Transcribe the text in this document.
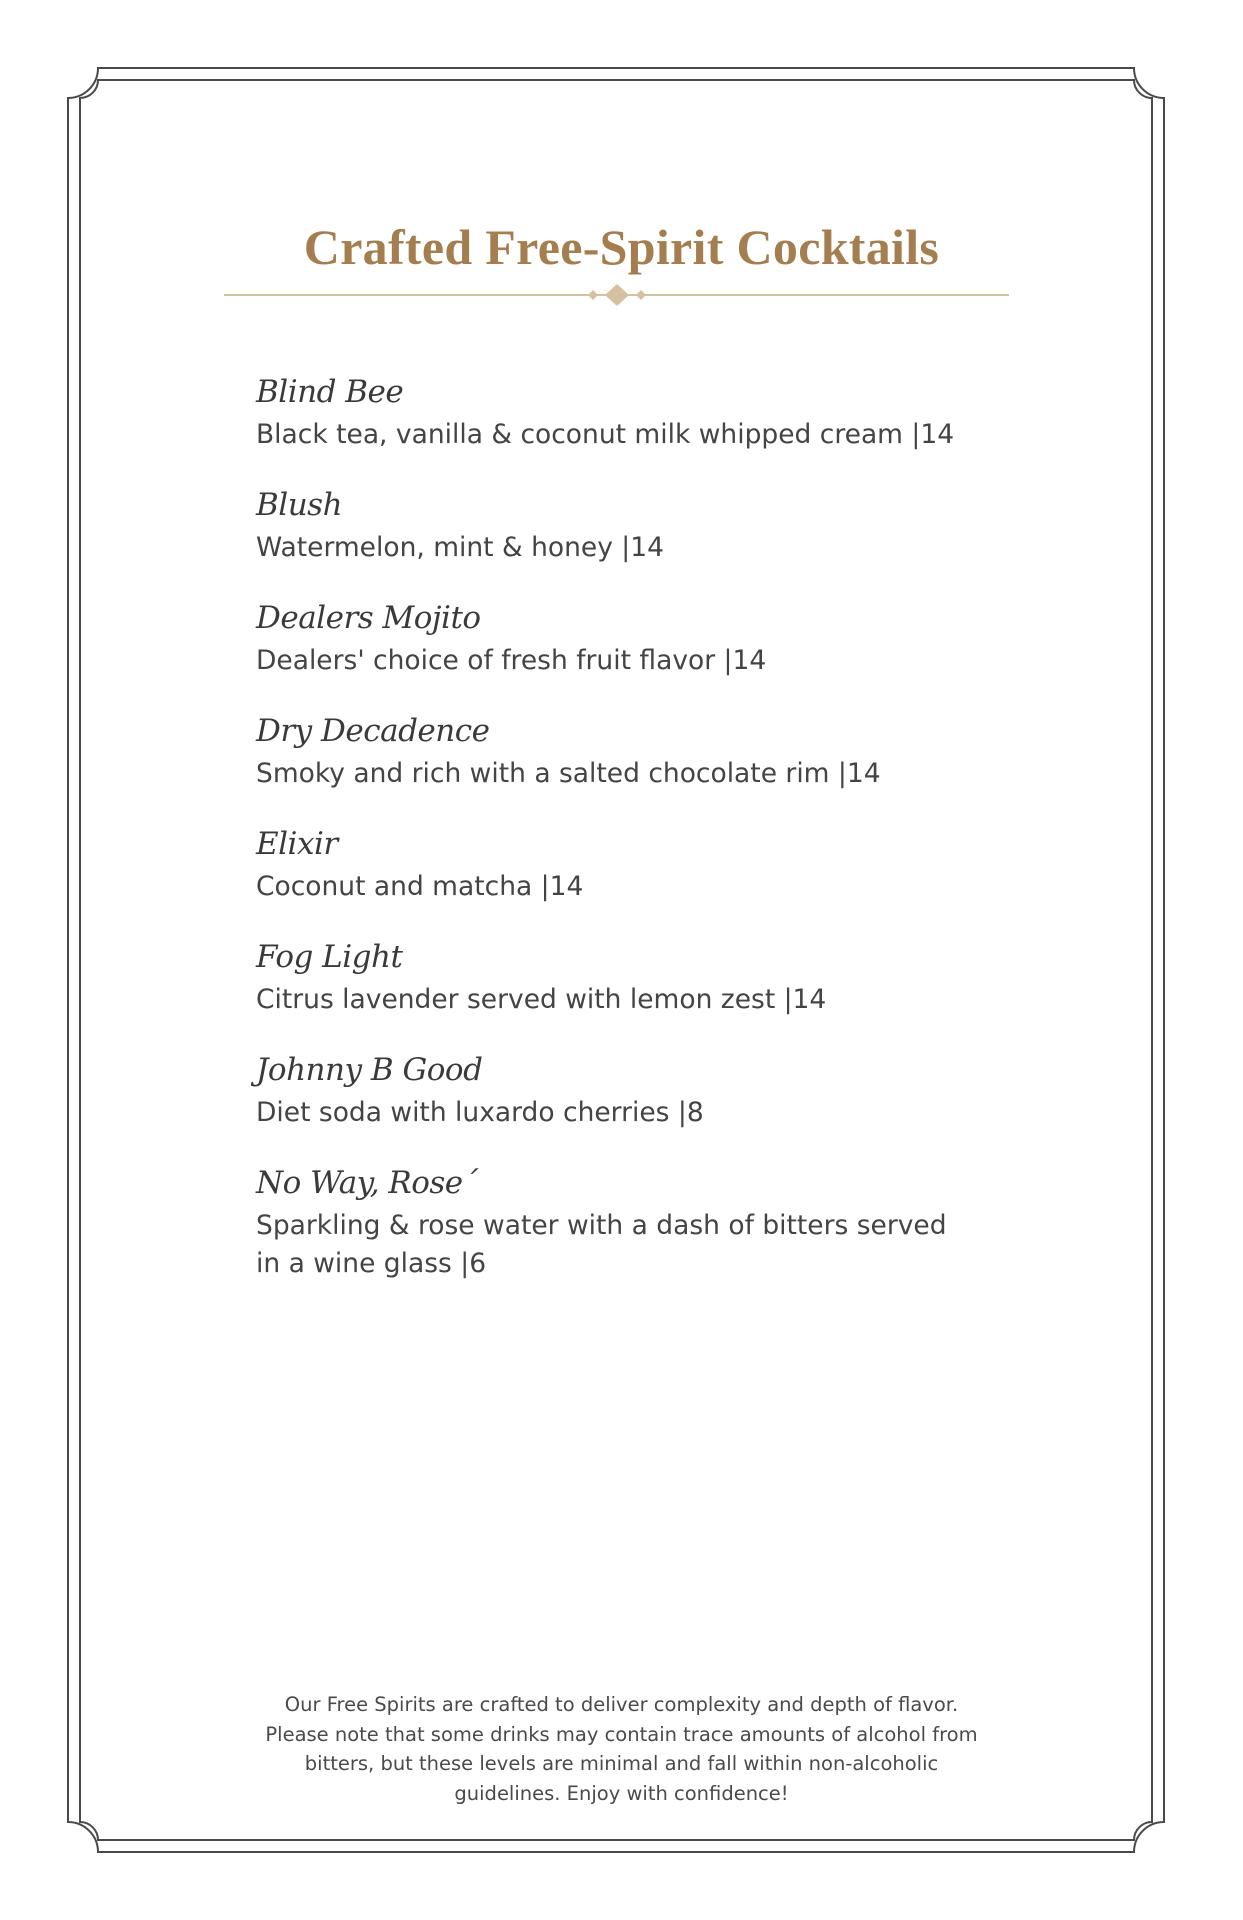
Crafted Free-Spirit Cocktails
Blind Bee
Black tea, vanilla & coconut milk whipped cream |14
Blush
Watermelon, mint & honey |14
Dealers Mojito
Dealers' choice of fresh fruit flavor |14
Dry Decadence
Smoky and rich with a salted chocolate rim |14
Elixir
Coconut and matcha |14
Fog Light
Citrus lavender served with lemon zest |14
Johnny B Good
Diet soda with luxardo cherries |8
No Way, Rose´
Sparkling & rose water with a dash of bitters served in a wine glass |6
Our Free Spirits are crafted to deliver complexity and depth of flavor. Please note that some drinks may contain trace amounts of alcohol from bitters, but these levels are minimal and fall within non-alcoholic guidelines. Enjoy with confidence!
